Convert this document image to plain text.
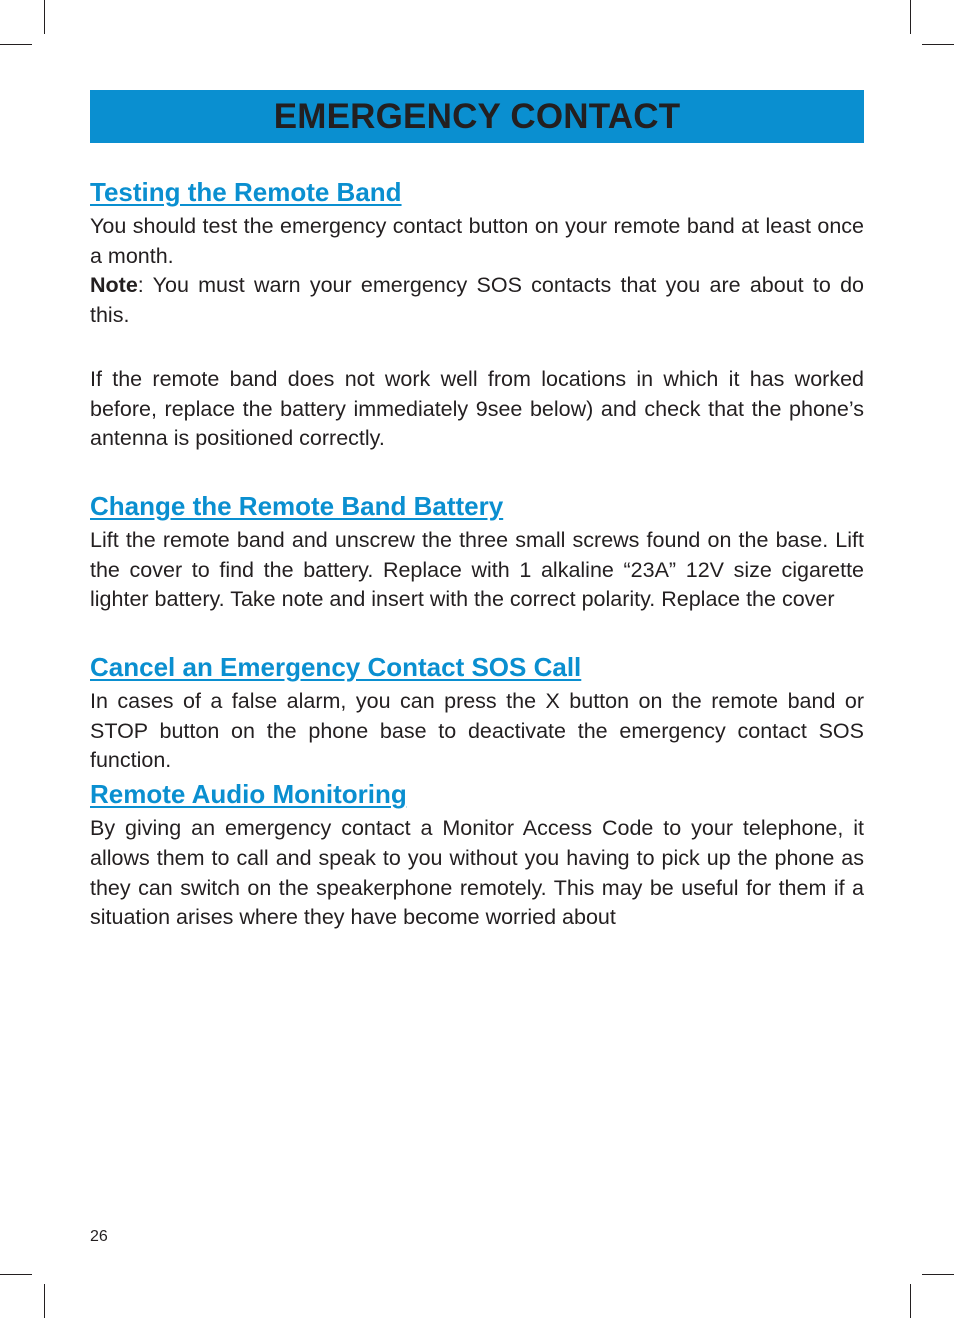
EMERGENCY CONTACT
Testing the Remote Band

You should test the emergency contact button on your remote band at least once a month.

Note: You must warn your emergency SOS contacts that you are about to do this.

If the remote band does not work well from locations in which it has worked before, replace the battery immediately 9see below) and check that the phone’s antenna is positioned correctly.

Change the Remote Band Battery

Lift the remote band and unscrew the three small screws found on the base. Lift the cover to find the battery. Replace with 1 alkaline “23A” 12V size cigarette lighter battery. Take note and insert with the correct polarity. Replace the cover

Cancel an Emergency Contact SOS Call

In cases of a false alarm, you can press the X button on the remote band or STOP button on the phone base to deactivate the emergency contact SOS function.

Remote Audio Monitoring

By giving an emergency contact a Monitor Access Code to your telephone, it allows them to call and speak to you without you having to pick up the phone as they can switch on the speakerphone remotely. This may be useful for them if a situation arises where they have become worried about

26
